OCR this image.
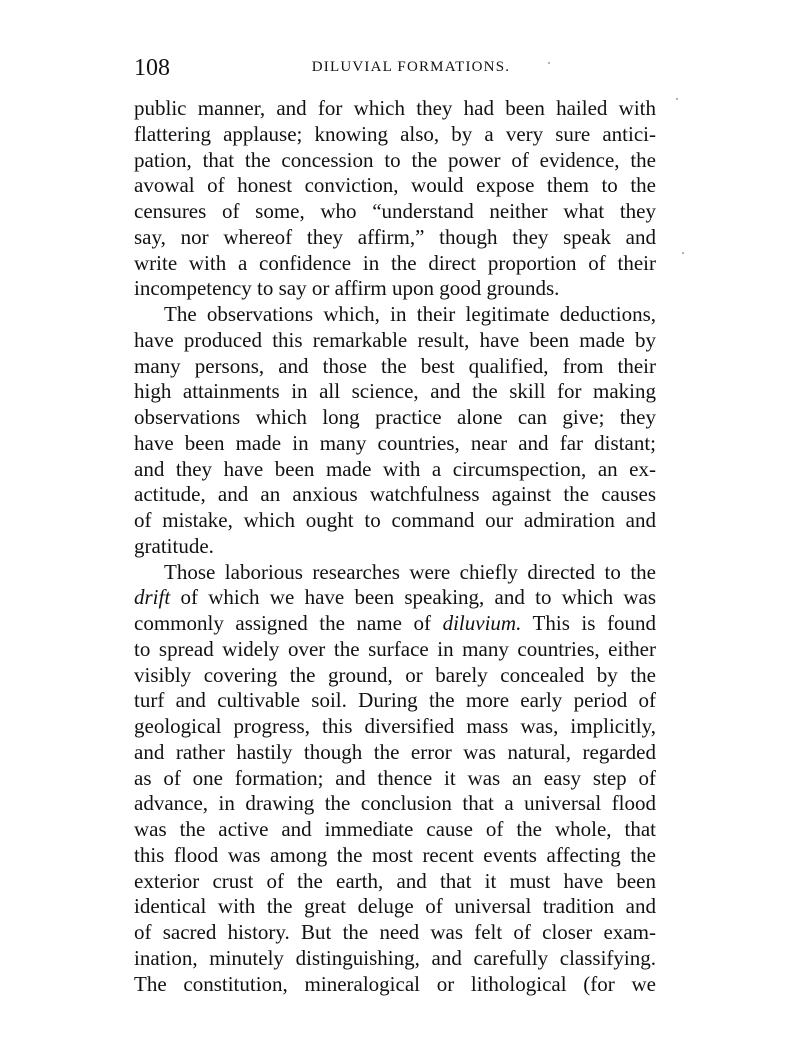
108	DILUVIAL FORMATIONS.
public manner, and for which they had been hailed with
flattering applause; knowing also, by a very sure antici-
pation, that the concession to the power of evidence, the
avowal of honest conviction, would expose them to the
censures of some, who “understand neither what they
say, nor whereof they affirm,” though they speak and
write with a confidence in the direct proportion of their
incompetency to say or affirm upon good grounds.
The observations which, in their legitimate deductions,
have produced this remarkable result, have been made by
many persons, and those the best qualified, from their
high attainments in all science, and the skill for making
observations which long practice alone can give; they
have been made in many countries, near and far distant;
and they have been made with a circumspection, an ex-
actitude, and an anxious watchfulness against the causes
of mistake, which ought to command our admiration and
gratitude.
Those laborious researches were chiefly directed to the
drift of which we have been speaking, and to which was
commonly assigned the name of diluvium. This is found
to spread widely over the surface in many countries, either
visibly covering the ground, or barely concealed by the
turf and cultivable soil. During the more early period of
geological progress, this diversified mass was, implicitly,
and rather hastily though the error was natural, regarded
as of one formation; and thence it was an easy step of
advance, in drawing the conclusion that a universal flood
was the active and immediate cause of the whole, that
this flood was among the most recent events affecting the
exterior crust of the earth, and that it must have been
identical with the great deluge of universal tradition and
of sacred history. But the need was felt of closer exam-
ination, minutely distinguishing, and carefully classifying.
The constitution, mineralogical or lithological (for we
